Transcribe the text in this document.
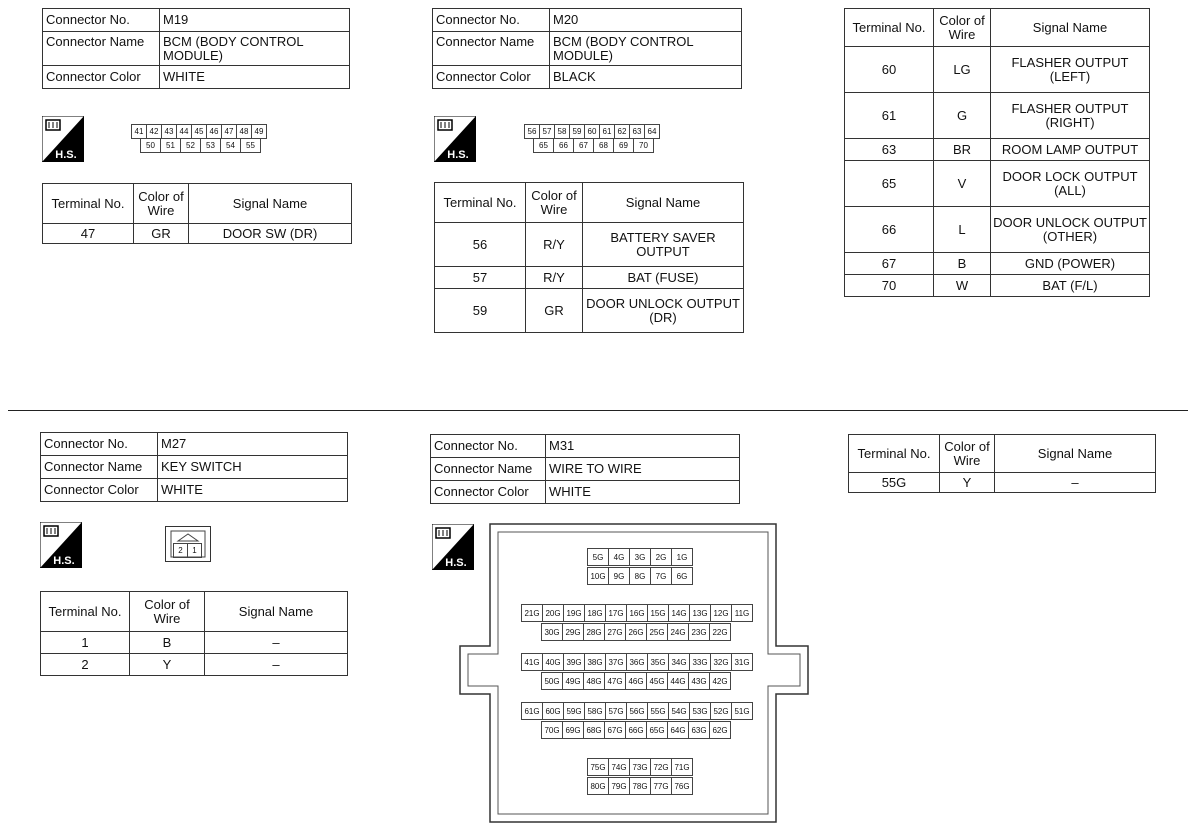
Connector No.	M19
Connector Name	BCM (BODY CONTROL MODULE)
Connector Color	WHITE
H.S.
41 42 43 44 45 46 47 48 49
50	51	52	53	54	55
Terminal No.	Color of Wire	Signal Name
47	GR	DOOR SW (DR)
Connector No.	M20
Connector Name	BCM (BODY CONTROL MODULE)
Connector Color	BLACK
H.S.
56 57 58 59 60 61 62 63 64
65	66	67	68	69	70
Terminal No.	Color of Wire	Signal Name
56	R/Y	BATTERY SAVER OUTPUT
57	R/Y	BAT (FUSE)
59	GR	DOOR UNLOCK OUTPUT (DR)
Terminal No.	Color of Wire	Signal Name
60	LG	FLASHER OUTPUT (LEFT)
61	G	FLASHER OUTPUT (RIGHT)
63	BR	ROOM LAMP OUTPUT
65	V	DOOR LOCK OUTPUT (ALL)
66	L	DOOR UNLOCK OUTPUT (OTHER)
67	B	GND (POWER)
70	W	BAT (F/L)
Connector No.	M27
Connector Name	KEY SWITCH
Connector Color	WHITE
H.S.
2	1
Terminal No.	Color of Wire	Signal Name
1	B	–
2	Y	–
Connector No.	M31
Connector Name	WIRE TO WIRE
Connector Color	WHITE
H.S.	5G	4G	3G	2G	1G
10G	9G	8G	7G	6G
21G 20G 19G 18G 17G 16G 15G 14G 13G 12G 11G
30G 29G 28G 27G 26G 25G 24G 23G 22G
41G 40G 39G 38G 37G 36G 35G 34G 33G 32G 31G
50G 49G 48G 47G 46G 45G 44G 43G 42G
61G 60G 59G 58G 57G 56G 55G 54G 53G 52G 51G
70G 69G 68G 67G 66G 65G 64G 63G 62G
75G 74G 73G 72G 71G
80G 79G 78G 77G 76G
Terminal No.	Color of Wire	Signal Name
55G	Y	–
